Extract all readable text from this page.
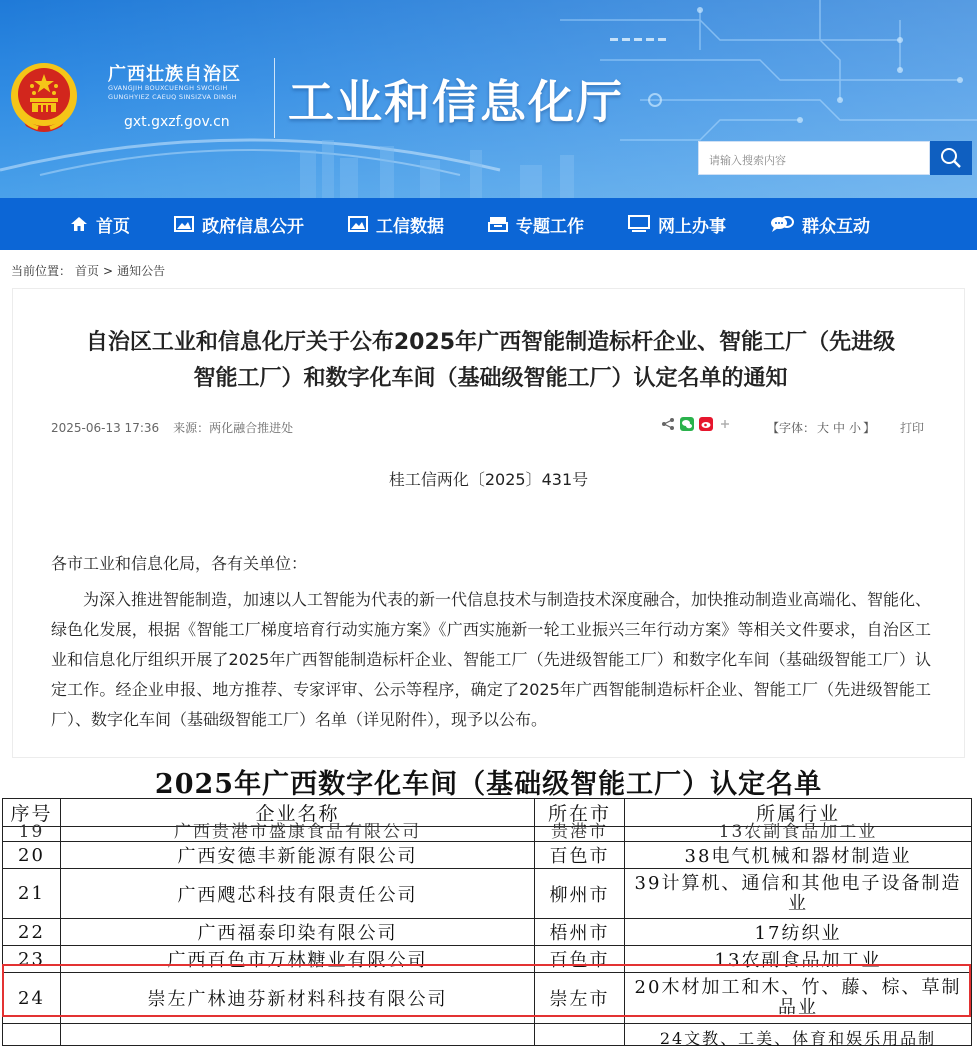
广西壮族自治区
GVANGJIH BOUXCUENGH SWCIGIH GUNGHYIEZ CAEUQ SINSIZVA DINGH
gxt.gxzf.gov.cn 工业和信息化厅
请输入搜索内容
首页	政府信息公开	工信数据	专题工作	网上办事	群众互动
当前位置： 首页 > 通知公告
自治区工业和信息化厅关于公布2025年广西智能制造标杆企业、智能工厂（先进级
智能工厂）和数字化车间（基础级智能工厂）认定名单的通知
2025-06-13 17:36 来源：两化融合推进处	【字体： 大 中 小 】 打印
桂工信两化〔2025〕431号
各市工业和信息化局，各有关单位：
为深入推进智能制造，加速以人工智能为代表的新一代信息技术与制造技术深度融合，加快推动制造业高端化、智能化、绿色化发展，根据《智能工厂梯度培育行动实施方案》《广西实施新一轮工业振兴三年行动方案》等相关文件要求，自治区工业和信息化厅组织开展了2025年广西智能制造标杆企业、智能工厂（先进级智能工厂）和数字化车间（基础级智能工厂）认定工作。经企业申报、地方推荐、专家评审、公示等程序，确定了2025年广西智能制造标杆企业、智能工厂（先进级智能工厂）、数字化车间（基础级智能工厂）名单（详见附件），现予以公布。
2025年广西数字化车间（基础级智能工厂）认定名单
序号	企业名称	所在市	所属行业

19	广西贵港市盛康食品有限公司	贵港市	13农副食品加工业

20	广西安德丰新能源有限公司	百色市	38电气机械和器材制造业
21	广西飕芯科技有限责任公司	柳州市	39计算机、通信和其他电子设备制造业
22	广西福泰印染有限公司	梧州市	17纺织业
23	广西百色市万林糖业有限公司	百色市	13农副食品加工业
24	崇左广林迪芬新材料科技有限公司	崇左市	20木材加工和木、竹、藤、棕、草制品业

			24文教、工美、体育和娱乐用品制
